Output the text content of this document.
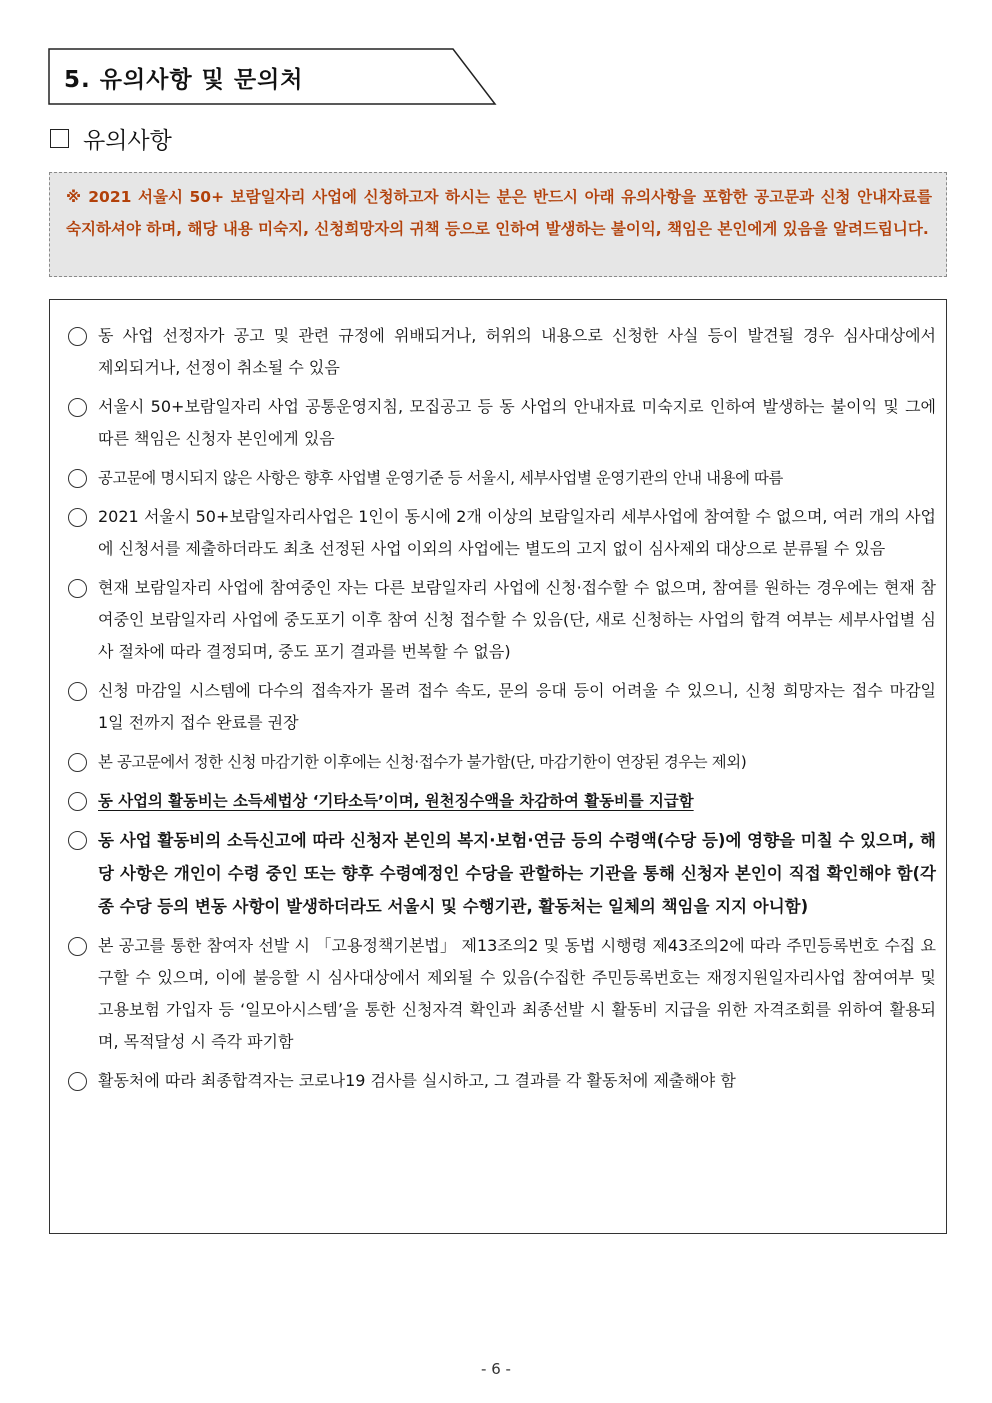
5. 유의사항 및 문의처
유의사항
※ 2021 서울시 50+ 보람일자리 사업에 신청하고자 하시는 분은 반드시 아래 유의사항을 포함한 공고문과 신청 안내자료를 숙지하셔야 하며, 해당 내용 미숙지, 신청희망자의 귀책 등으로 인하여 발생하는 불이익, 책임은 본인에게 있음을 알려드립니다.
동 사업 선정자가 공고 및 관련 규정에 위배되거나, 허위의 내용으로 신청한 사실 등이 발견될 경우 심사대상에서 제외되거나, 선정이 취소될 수 있음
서울시 50+보람일자리 사업 공통운영지침, 모집공고 등 동 사업의 안내자료 미숙지로 인하여 발생하는 불이익 및 그에 따른 책임은 신청자 본인에게 있음
공고문에 명시되지 않은 사항은 향후 사업별 운영기준 등 서울시, 세부사업별 운영기관의 안내 내용에 따름
2021 서울시 50+보람일자리사업은 1인이 동시에 2개 이상의 보람일자리 세부사업에 참여할 수 없으며, 여러 개의 사업에 신청서를 제출하더라도 최초 선정된 사업 이외의 사업에는 별도의 고지 없이 심사제외 대상으로 분류될 수 있음
현재 보람일자리 사업에 참여중인 자는 다른 보람일자리 사업에 신청·접수할 수 없으며, 참여를 원하는 경우에는 현재 참여중인 보람일자리 사업에 중도포기 이후 참여 신청 접수할 수 있음(단, 새로 신청하는 사업의 합격 여부는 세부사업별 심사 절차에 따라 결정되며, 중도 포기 결과를 번복할 수 없음)
신청 마감일 시스템에 다수의 접속자가 몰려 접수 속도, 문의 응대 등이 어려울 수 있으니, 신청 희망자는 접수 마감일 1일 전까지 접수 완료를 권장
본 공고문에서 정한 신청 마감기한 이후에는 신청·접수가 불가함(단, 마감기한이 연장된 경우는 제외)
동 사업의 활동비는 소득세법상 ‘기타소득’이며, 원천징수액을 차감하여 활동비를 지급함
동 사업 활동비의 소득신고에 따라 신청자 본인의 복지·보험·연금 등의 수령액(수당 등)에 영향을 미칠 수 있으며, 해당 사항은 개인이 수령 중인 또는 향후 수령예정인 수당을 관할하는 기관을 통해 신청자 본인이 직접 확인해야 함(각종 수당 등의 변동 사항이 발생하더라도 서울시 및 수행기관, 활동처는 일체의 책임을 지지 아니함)
본 공고를 통한 참여자 선발 시 「고용정책기본법」 제13조의2 및 동법 시행령 제43조의2에 따라 주민등록번호 수집 요구할 수 있으며, 이에 불응할 시 심사대상에서 제외될 수 있음(수집한 주민등록번호는 재정지원일자리사업 참여여부 및 고용보험 가입자 등 ‘일모아시스템’을 통한 신청자격 확인과 최종선발 시 활동비 지급을 위한 자격조회를 위하여 활용되며, 목적달성 시 즉각 파기함
활동처에 따라 최종합격자는 코로나19 검사를 실시하고, 그 결과를 각 활동처에 제출해야 함
- 6 -
